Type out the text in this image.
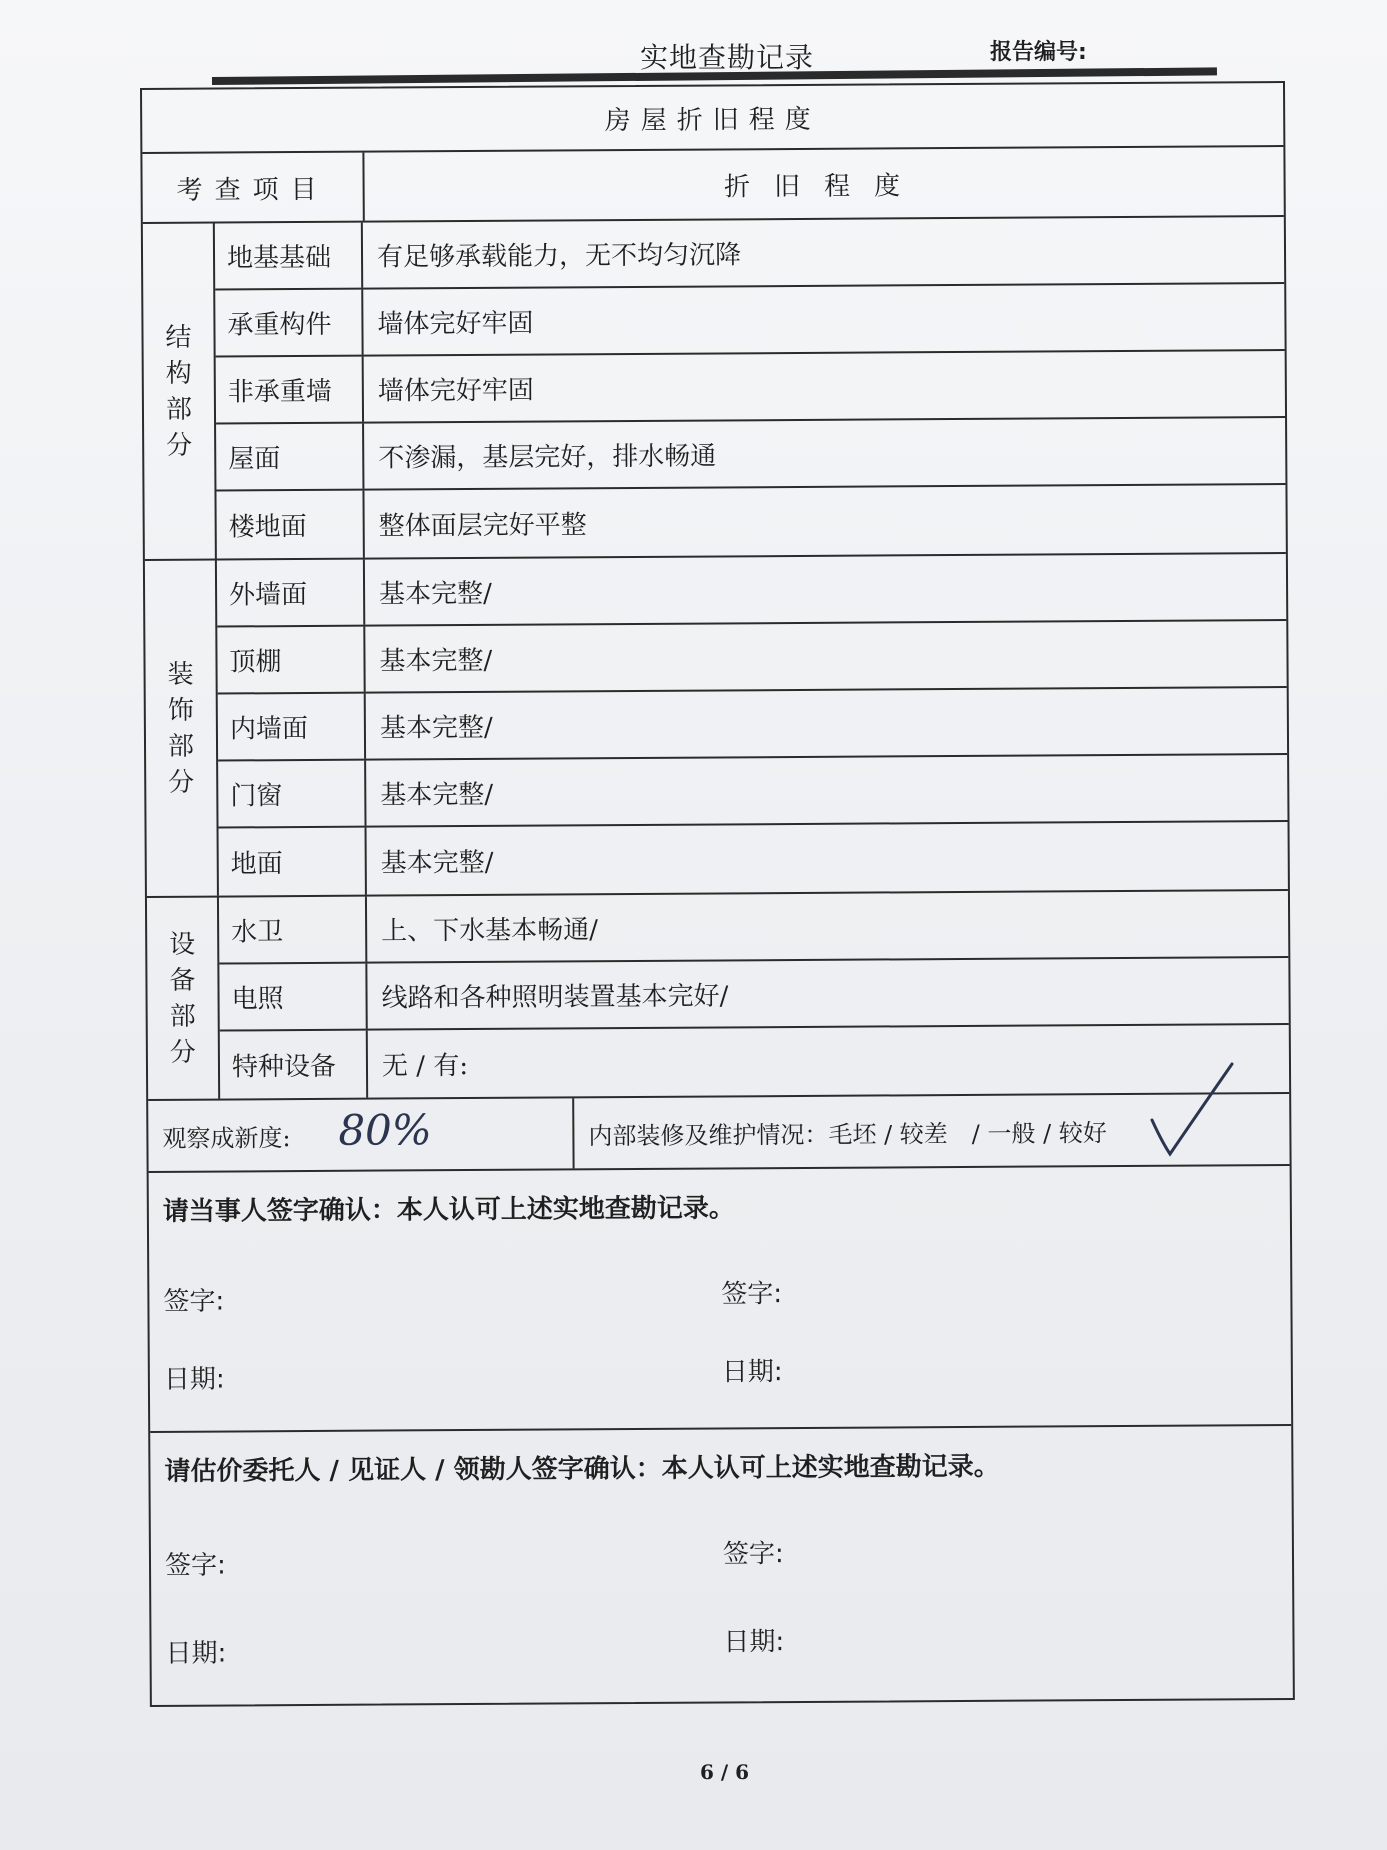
实地查勘记录	报告编号:
房屋折旧程度
考查项目	折旧程度
结构部分
地基基础	有足够承载能力，无不均匀沉降
承重构件	墙体完好牢固
非承重墙	墙体完好牢固
屋面	不渗漏，基层完好，排水畅通
楼地面	整体面层完好平整
装饰部分
外墙面	基本完整/
顶棚	基本完整/
内墙面	基本完整/
门窗	基本完整/
地面	基本完整/
设备部分
水卫	上、下水基本畅通/
电照	线路和各种照明装置基本完好/
特种设备	无 / 有:
观察成新度: 80%	内部装修及维护情况：毛坯 / 较差　/ 一般 / 较好
请当事人签字确认：本人认可上述实地查勘记录。
签字:	签字:
日期:	日期:
请估价委托人 / 见证人 / 领勘人签字确认：本人认可上述实地查勘记录。
签字:	签字:
日期:	日期:
6 / 6
